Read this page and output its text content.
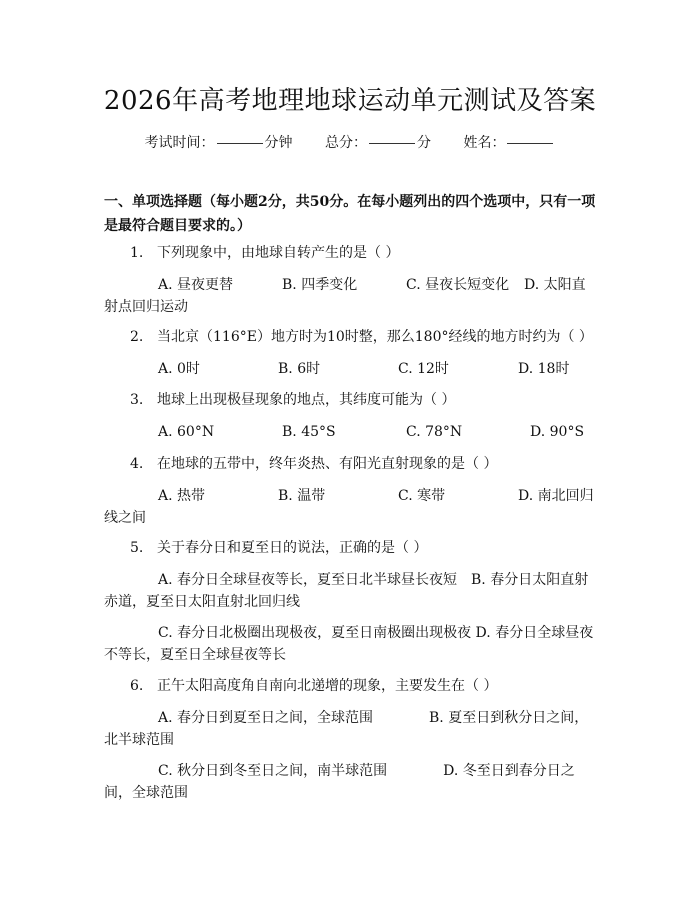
2026年高考地理地球运动单元测试及答案
考试时间：	分钟 总分：	分 姓名：
一、单项选择题（每小题2分，共50分。在每小题列出的四个选项中，只有一项
是最符合题目要求的。）
1. 下列现象中，由地球自转产生的是（ ）
A. 昼夜更替	B. 四季变化	C. 昼夜长短变化	D. 太阳直
射点回归运动
2. 当北京（116°E）地方时为10时整，那么180°经线的地方时约为（ ）
A. 0时	B. 6时	C. 12时	D. 18时
3. 地球上出现极昼现象的地点，其纬度可能为（ ）
A. 60°N	B. 45°S	C. 78°N	D. 90°S
4. 在地球的五带中，终年炎热、有阳光直射现象的是（ ）
A. 热带	B. 温带	C. 寒带	D. 南北回归
线之间
5. 关于春分日和夏至日的说法，正确的是（ ）
A. 春分日全球昼夜等长，夏至日北半球昼长夜短　B. 春分日太阳直射
赤道，夏至日太阳直射北回归线
C. 春分日北极圈出现极夜，夏至日南极圈出现极夜 D. 春分日全球昼夜
不等长，夏至日全球昼夜等长
6. 正午太阳高度角自南向北递增的现象，主要发生在（ ）
A. 春分日到夏至日之间，全球范围　　　　B. 夏至日到秋分日之间，
北半球范围
C. 秋分日到冬至日之间，南半球范围　　　　D. 冬至日到春分日之
间，全球范围
